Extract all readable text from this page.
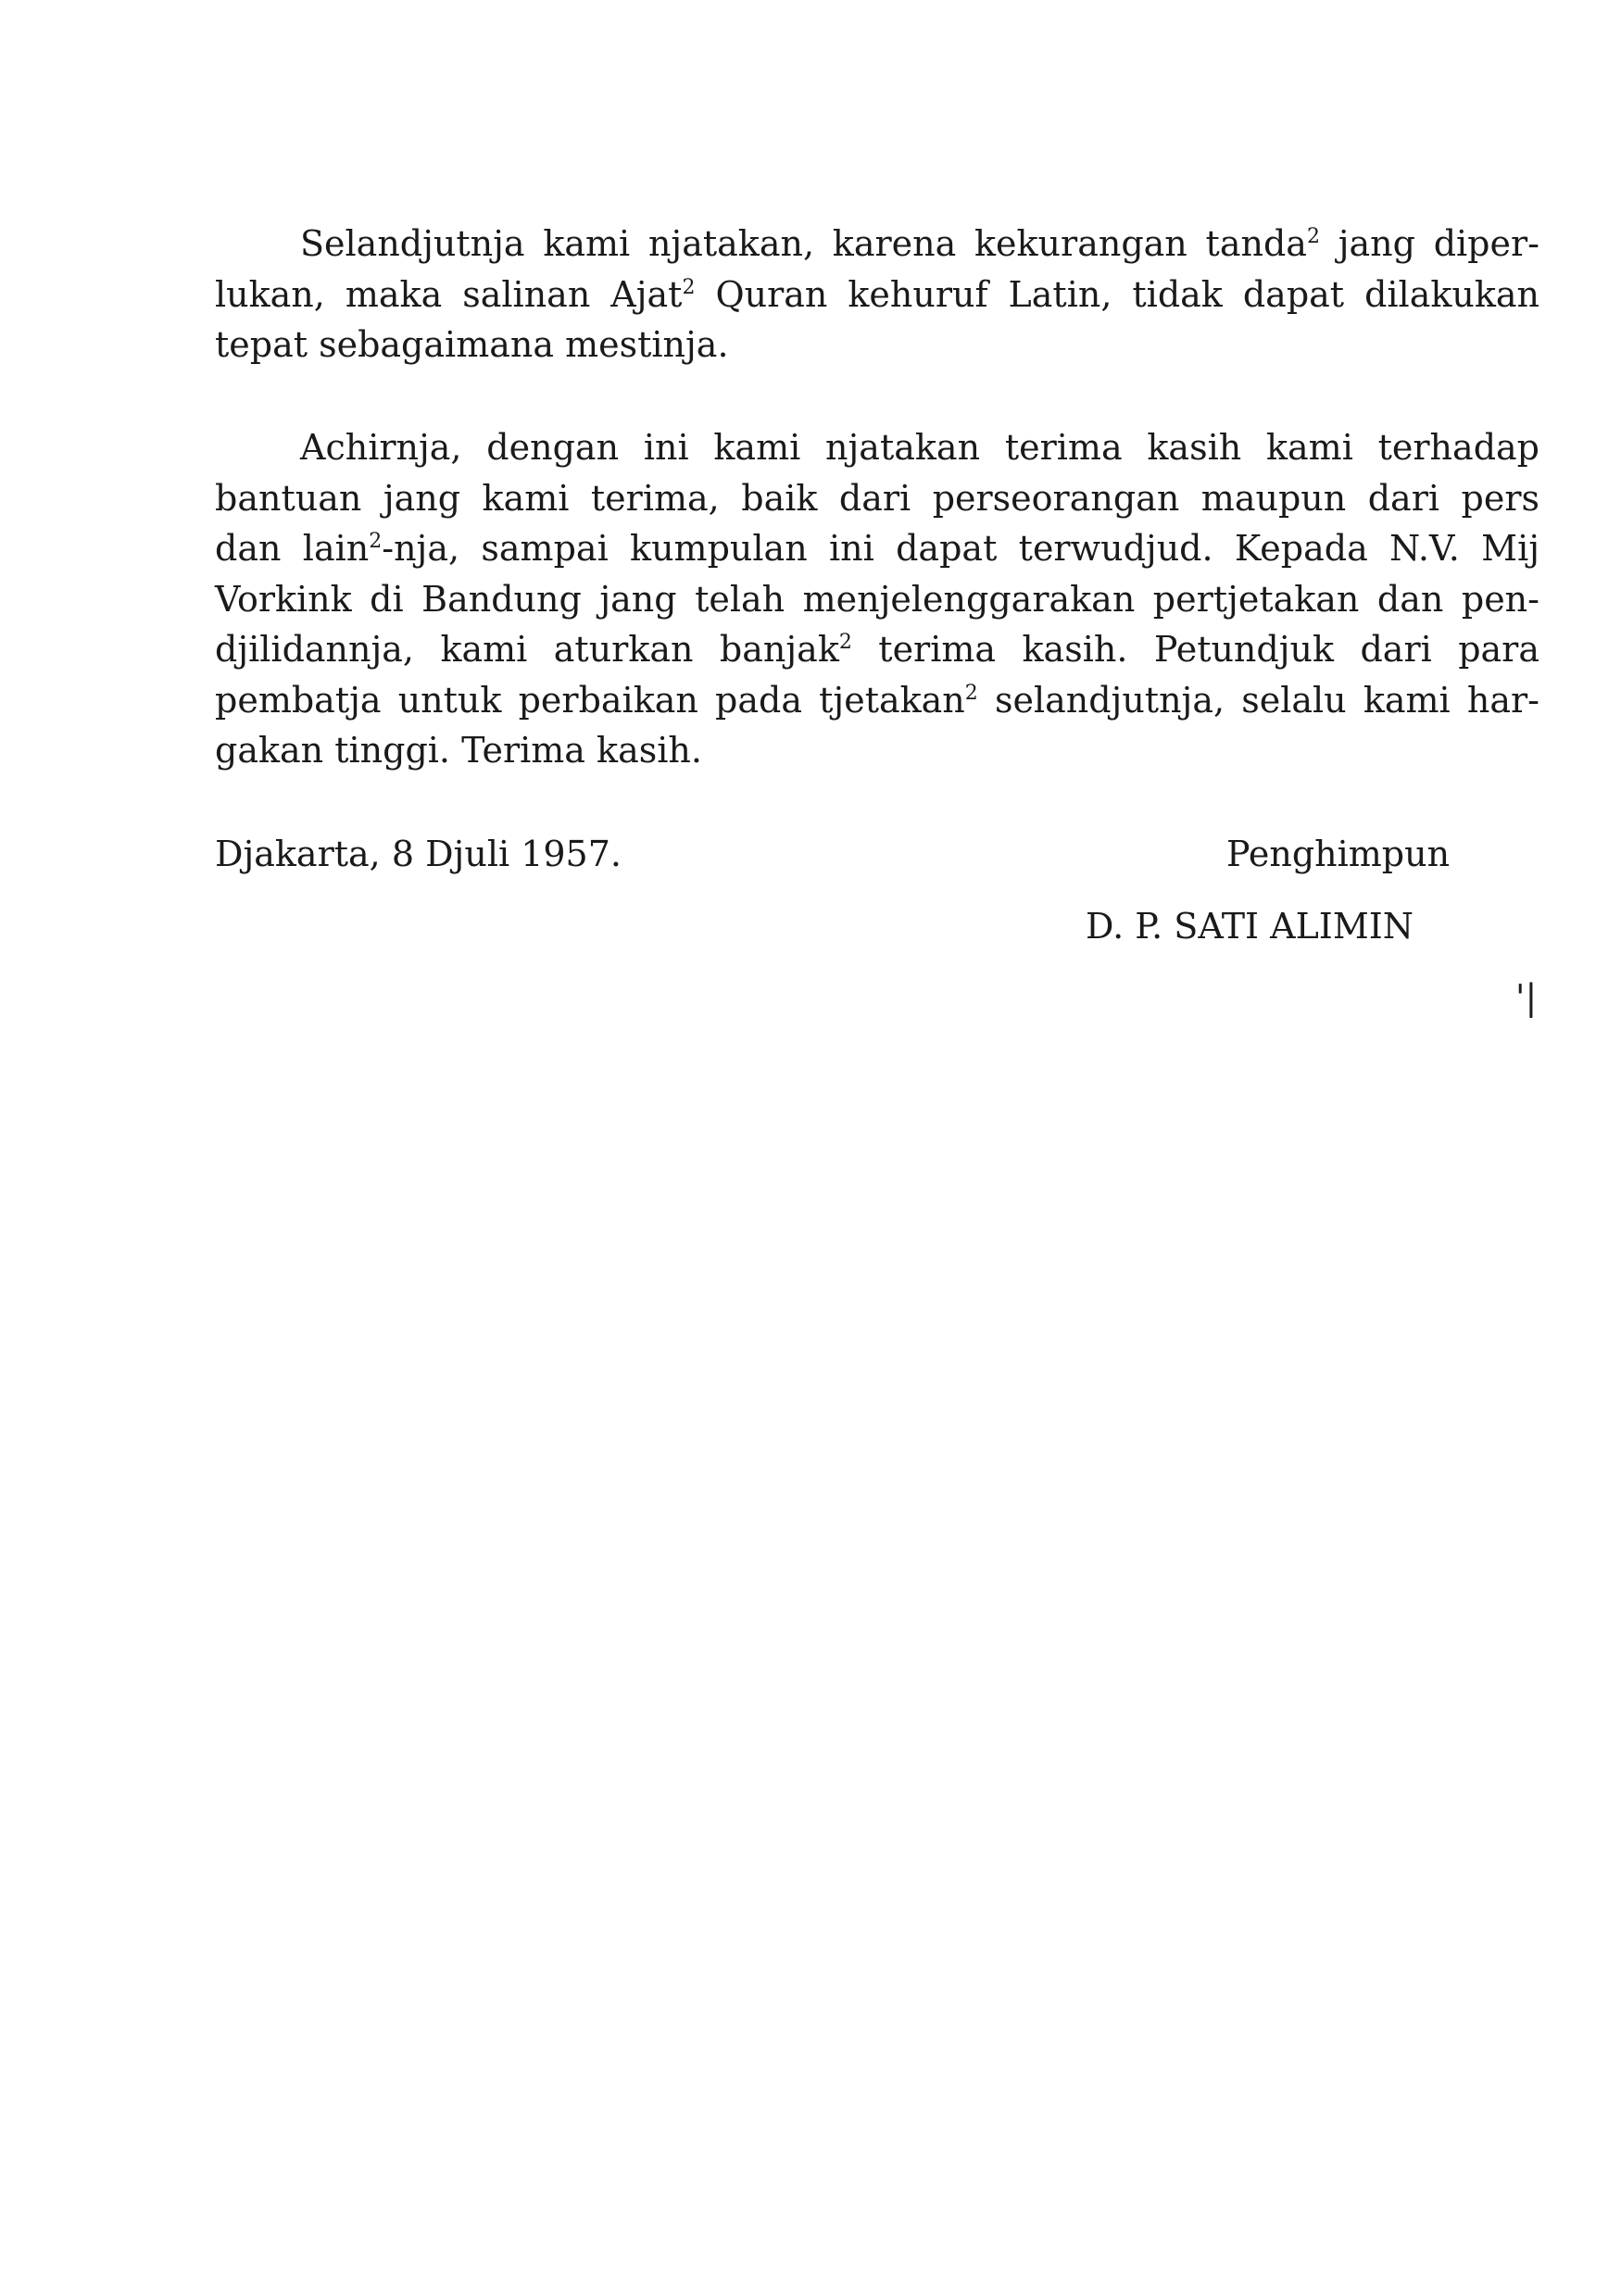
Selandjutnja kami njatakan, karena kekurangan tanda$^2$ jang diper-
lukan, maka salinan Ajat$^2$ Quran kehuruf Latin, tidak dapat dilakukan
tepat sebagaimana mestinja.
Achirnja, dengan ini kami njatakan terima kasih kami terhadap
bantuan jang kami terima, baik dari perseorangan maupun dari pers
dan lain$^2$-nja, sampai kumpulan ini dapat terwudjud. Kepada N.V. Mij
Vorkink di Bandung jang telah menjelenggarakan pertjetakan dan pen-
djilidannja, kami aturkan banjak$^2$ terima kasih. Petundjuk dari para
pembatja untuk perbaikan pada tjetakan$^2$ selandjutnja, selalu kami har-
gakan tinggi. Terima kasih.
Djakarta, 8 Djuli 1957.	Penghimpun
D. P. SATI ALIMIN
'|
